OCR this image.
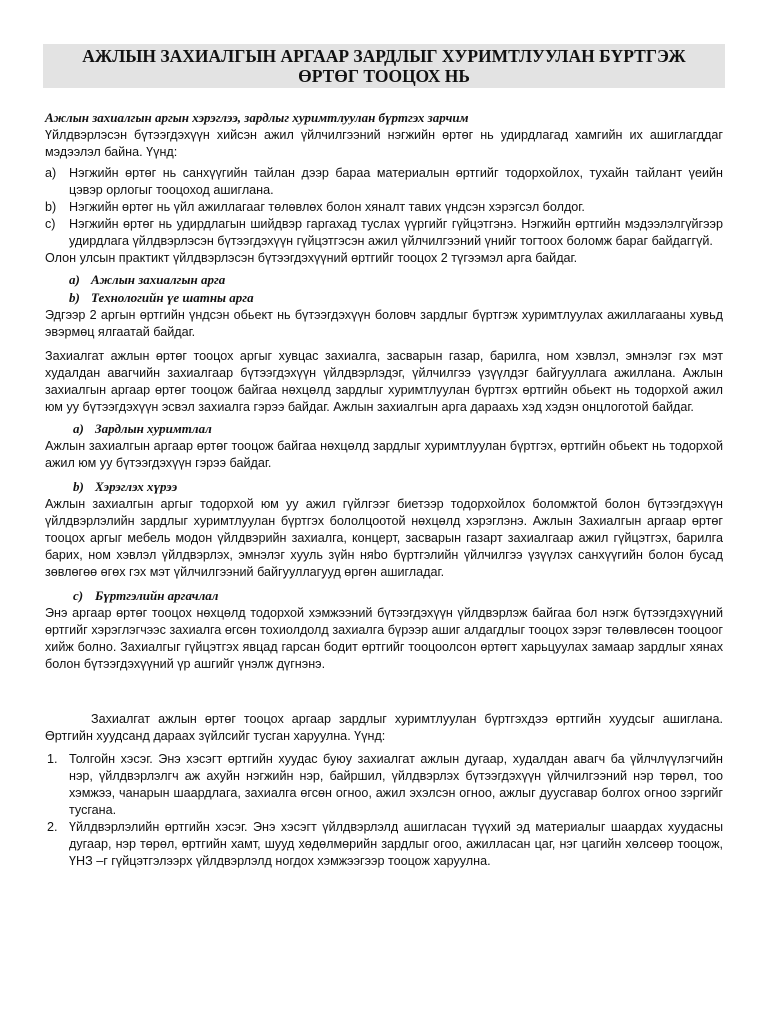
АЖЛЫН ЗАХИАЛГЫН АРГААР ЗАРДЛЫГ ХУРИМТЛУУЛАН БҮРТГЭЖ
ӨРТӨГ ТООЦОХ НЬ

Ажлын захиалгын аргын хэрэглээ, зардлыг хуримтлуулан бүртгэх зарчим

Үйлдвэрлэсэн бүтээгдэхүүн хийсэн ажил үйлчилгээний нэгжийн өртөг нь удирдлагад хамгийн их ашиглагддаг мэдээлэл байна. Үүнд:

a) Нэгжийн өртөг нь санхүүгийн тайлан дээр бараа материалын өртгийг тодорхойлох, тухайн тайлант үеийн цэвэр орлогыг тооцоход ашиглана.
b) Нэгжийн өртөг нь үйл ажиллагааг төлөвлөх болон хяналт тавих үндсэн хэрэгсэл болдог.
c) Нэгжийн өртөг нь удирдлагын шийдвэр гаргахад туслах үүргийг гүйцэтгэнэ. Нэгжийн өртгийн мэдээлэлгүйгээр удирдлага үйлдвэрлэсэн бүтээгдэхүүн гүйцэтгэсэн ажил үйлчилгээний үнийг тогтоох боломж бараг байдаггүй.

Олон улсын практикт үйлдвэрлэсэн бүтээгдэхүүний өртгийг тооцох 2 түгээмэл арга байдаг.

a) Ажлын захиалгын арга
b) Технологийн үе шатны арга

Эдгээр 2 аргын өртгийн үндсэн обьект нь бүтээгдэхүүн боловч зардлыг бүртгэж хуримтлуулах ажиллагааны хувьд эвэрмөц ялгаатай байдаг.

Захиалгат ажлын өртөг тооцох аргыг хувцас захиалга, засварын газар, барилга, ном хэвлэл, эмнэлэг гэх мэт худалдан авагчийн захиалгаар бүтээгдэхүүн үйлдвэрлэдэг, үйлчилгээ үзүүлдэг байгууллага ажиллана. Ажлын захиалгын аргаар өртөг тооцож байгаа нөхцөлд зардлыг хуримтлуулан бүртгэх өртгийн обьект нь тодорхой ажил юм уу бүтээгдэхүүн эсвэл захиалга гэрээ байдаг. Ажлын захиалгын арга дараахь хэд хэдэн онцлоготой байдаг.

a) Зардлын хуримтлал

Ажлын захиалгын аргаар өртөг тооцож байгаа нөхцөлд зардлыг хуримтлуулан бүртгэх, өртгийн обьект нь тодорхой ажил юм уу бүтээгдэхүүн гэрээ байдаг.

b) Хэрэглэх хүрээ

Ажлын захиалгын аргыг тодорхой юм уу ажил гүйлгээг биетээр тодорхойлох боломжтой болон бүтээгдэхүүн үйлдвэрлэлийн зардлыг хуримтлуулан бүртгэх бололцоотой нөхцөлд хэрэглэнэ. Ажлын Захиалгын аргаар өртөг тооцох аргыг мебель модон үйлдвэрийн захиалга, концерт, засварын газарт захиалгаар ажил гүйцэтгэх, барилга барих, ном хэвлэл үйлдвэрлэх, эмнэлэг хууль зүйн няbo бүртгэлийн үйлчилгээ үзүүлэх санхүүгийн болон бусад зөвлөгөө өгөх гэх мэт үйлчилгээний байгууллагууд өргөн ашигладаг.

c) Бүртгэлийн аргачлал

Энэ аргаар өртөг тооцох нөхцөлд тодорхой хэмжээний бүтээгдэхүүн үйлдвэрлэж байгаа бол нэгж бүтээгдэхүүний өртгийг хэрэглэгчээс захиалга өгсөн тохиолдолд захиалга бүрээр ашиг алдагдлыг тооцох зэрэг төлөвлөсөн тооцоог хийж болно. Захиалгыг гүйцэтгэх явцад гарсан бодит өртгийг тооцоолсон өртөгт харьцуулах замаар зардлыг хянах болон бүтээгдэхүүний үр ашгийг үнэлж дүгнэнэ.

Захиалгат ажлын өртөг тооцох аргаар зардлыг хуримтлуулан бүртгэхдээ өртгийн хуудсыг ашиглана. Өртгийн хуудсанд дараах зүйлсийг тусган харуулна. Үүнд:

1. Толгойн хэсэг. Энэ хэсэгт өртгийн хуудас буюу захиалгат ажлын дугаар, худалдан авагч ба үйлчлүүлэгчийн нэр, үйлдвэрлэлгч аж ахуйн нэгжийн нэр, байршил, үйлдвэрлэх бүтээгдэхүүн үйлчилгээний нэр төрөл, тоо хэмжээ, чанарын шаардлага, захиалга өгсөн огноо, ажил эхэлсэн огноо, ажлыг дуусгавар болгох огноо зэргийг тусгана.
2. Үйлдвэрлэлийн өртгийн хэсэг. Энэ хэсэгт үйлдвэрлэлд ашигласан түүхий эд материалыг шаардах хуудасны дугаар, нэр төрөл, өртгийн хамт, шууд хөдөлмөрийн зардлыг огоо, ажилласан цаг, нэг цагийн хөлсөөр тооцож, ҮНЗ –г гүйцэтгэлээрх үйлдвэрлэлд ногдох хэмжээгээр тооцож харуулна.
